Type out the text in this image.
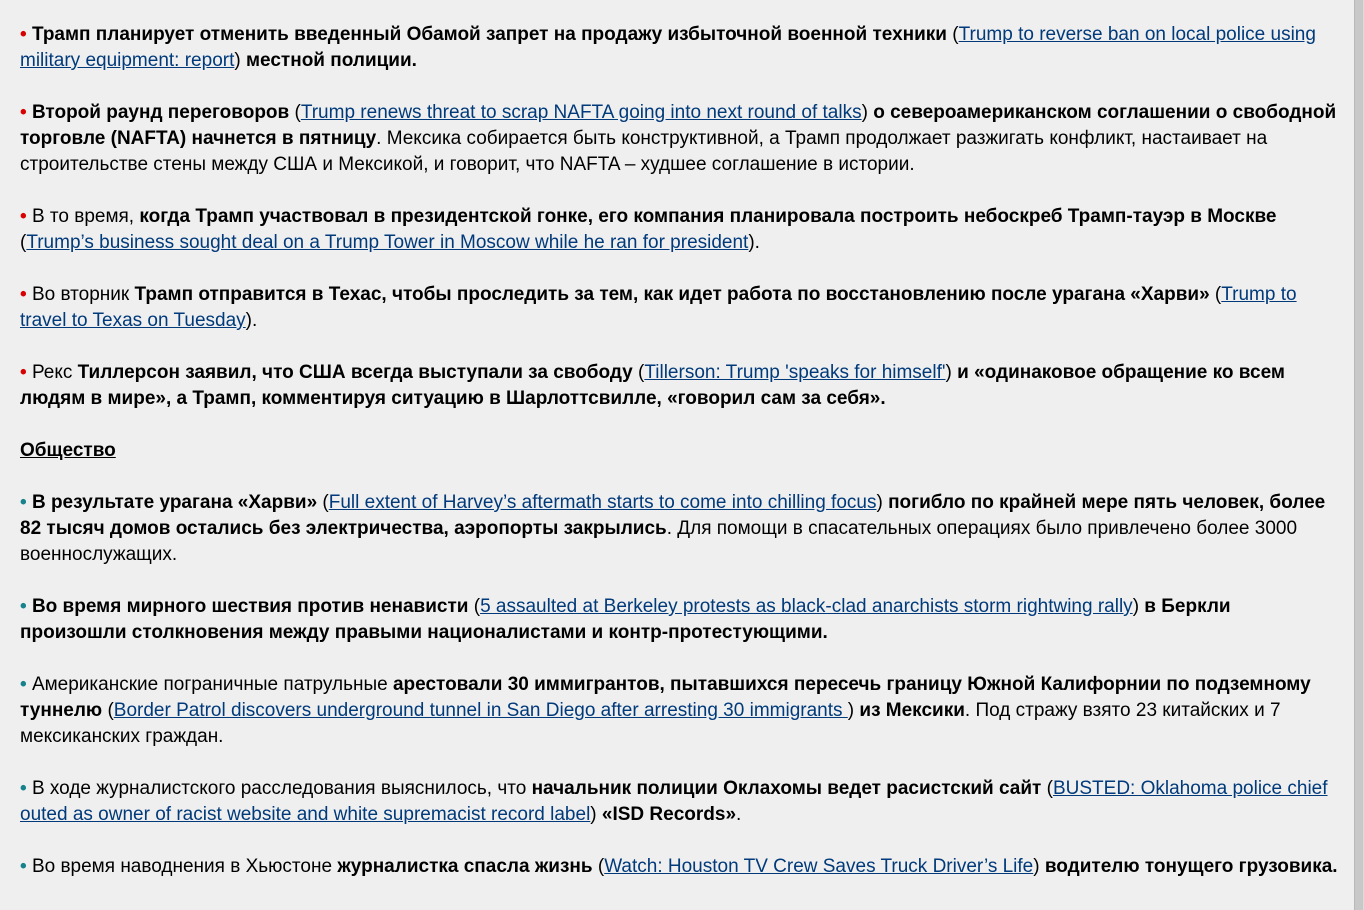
• Трамп планирует отменить введенный Обамой запрет на продажу избыточной военной техники (Trump to reverse ban on local police using military equipment: report) местной полиции.

• Второй раунд переговоров (Trump renews threat to scrap NAFTA going into next round of talks) о североамериканском соглашении о свободной торговле (NAFTA) начнется в пятницу. Мексика собирается быть конструктивной, а Трамп продолжает разжигать конфликт, настаивает на строительстве стены между США и Мексикой, и говорит, что NAFTA – худшее соглашение в истории.

• В то время, когда Трамп участвовал в президентской гонке, его компания планировала построить небоскреб Трамп-тауэр в Москве (Trump’s business sought deal on a Trump Tower in Moscow while he ran for president).

• Во вторник Трамп отправится в Техас, чтобы проследить за тем, как идет работа по восстановлению после урагана «Харви» (Trump to travel to Texas on Tuesday).

• Рекс Тиллерсон заявил, что США всегда выступали за свободу (Tillerson: Trump 'speaks for himself') и «одинаковое обращение ко всем людям в мире», а Трамп, комментируя ситуацию в Шарлоттсвилле, «говорил сам за себя».

Общество

• В результате урагана «Харви» (Full extent of Harvey’s aftermath starts to come into chilling focus) погибло по крайней мере пять человек, более 82 тысяч домов остались без электричества, аэропорты закрылись. Для помощи в спасательных операциях было привлечено более 3000 военнослужащих.

• Во время мирного шествия против ненависти (5 assaulted at Berkeley protests as black-clad anarchists storm rightwing rally) в Беркли произошли столкновения между правыми националистами и контр-протестующими.

• Американские пограничные патрульные арестовали 30 иммигрантов, пытавшихся пересечь границу Южной Калифорнии по подземному туннелю (Border Patrol discovers underground tunnel in San Diego after arresting 30 immigrants ) из Мексики. Под стражу взято 23 китайских и 7 мексиканских граждан.

• В ходе журналистского расследования выяснилось, что начальник полиции Оклахомы ведет расистский сайт (BUSTED: Oklahoma police chief outed as owner of racist website and white supremacist record label) «ISD Records».

• Во время наводнения в Хьюстоне журналистка спасла жизнь (Watch: Houston TV Crew Saves Truck Driver’s Life) водителю тонущего грузовика.
